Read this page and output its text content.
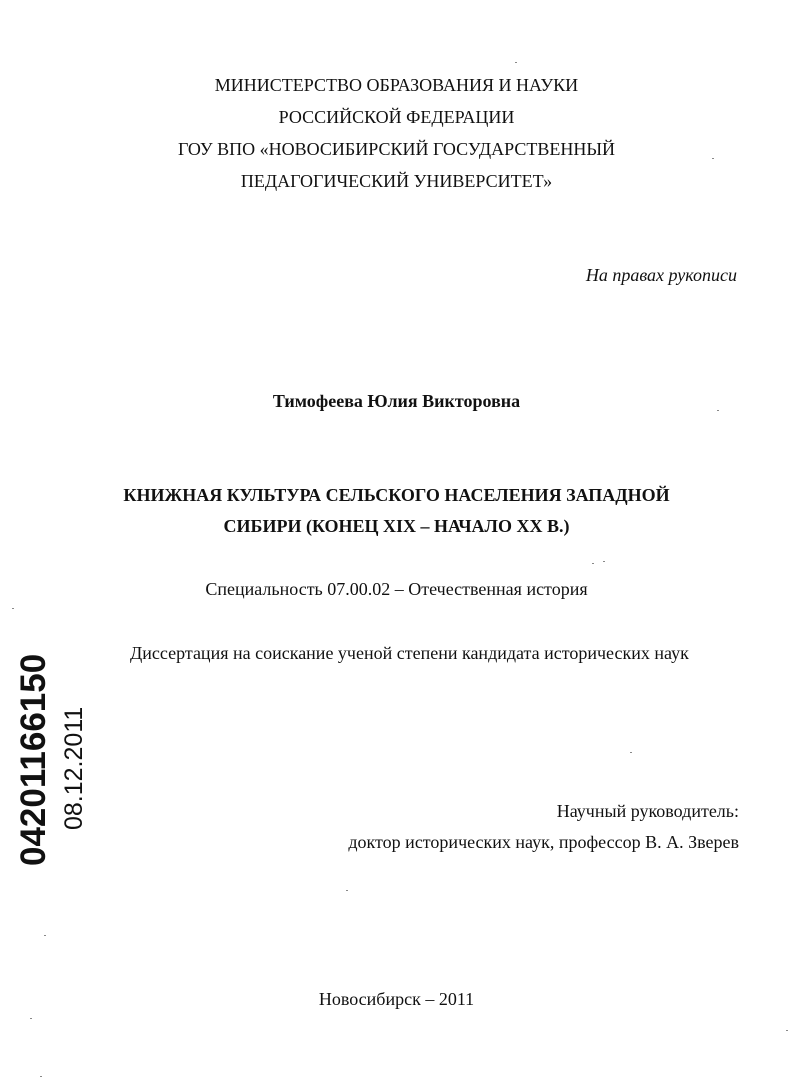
МИНИСТЕРСТВО ОБРАЗОВАНИЯ И НАУКИ
РОССИЙСКОЙ ФЕДЕРАЦИИ
ГОУ ВПО «НОВОСИБИРСКИЙ ГОСУДАРСТВЕННЫЙ
ПЕДАГОГИЧЕСКИЙ УНИВЕРСИТЕТ»
На правах рукописи
Тимофеева Юлия Викторовна
КНИЖНАЯ КУЛЬТУРА СЕЛЬСКОГО НАСЕЛЕНИЯ ЗАПАДНОЙ
СИБИРИ (КОНЕЦ XIX – НАЧАЛО XX В.)
Специальность 07.00.02 – Отечественная история
Диссертация на соискание ученой степени кандидата исторических наук
Научный руководитель:
доктор исторических наук, профессор В. А. Зверев
Новосибирск – 2011
04201166150 08.12.2011
